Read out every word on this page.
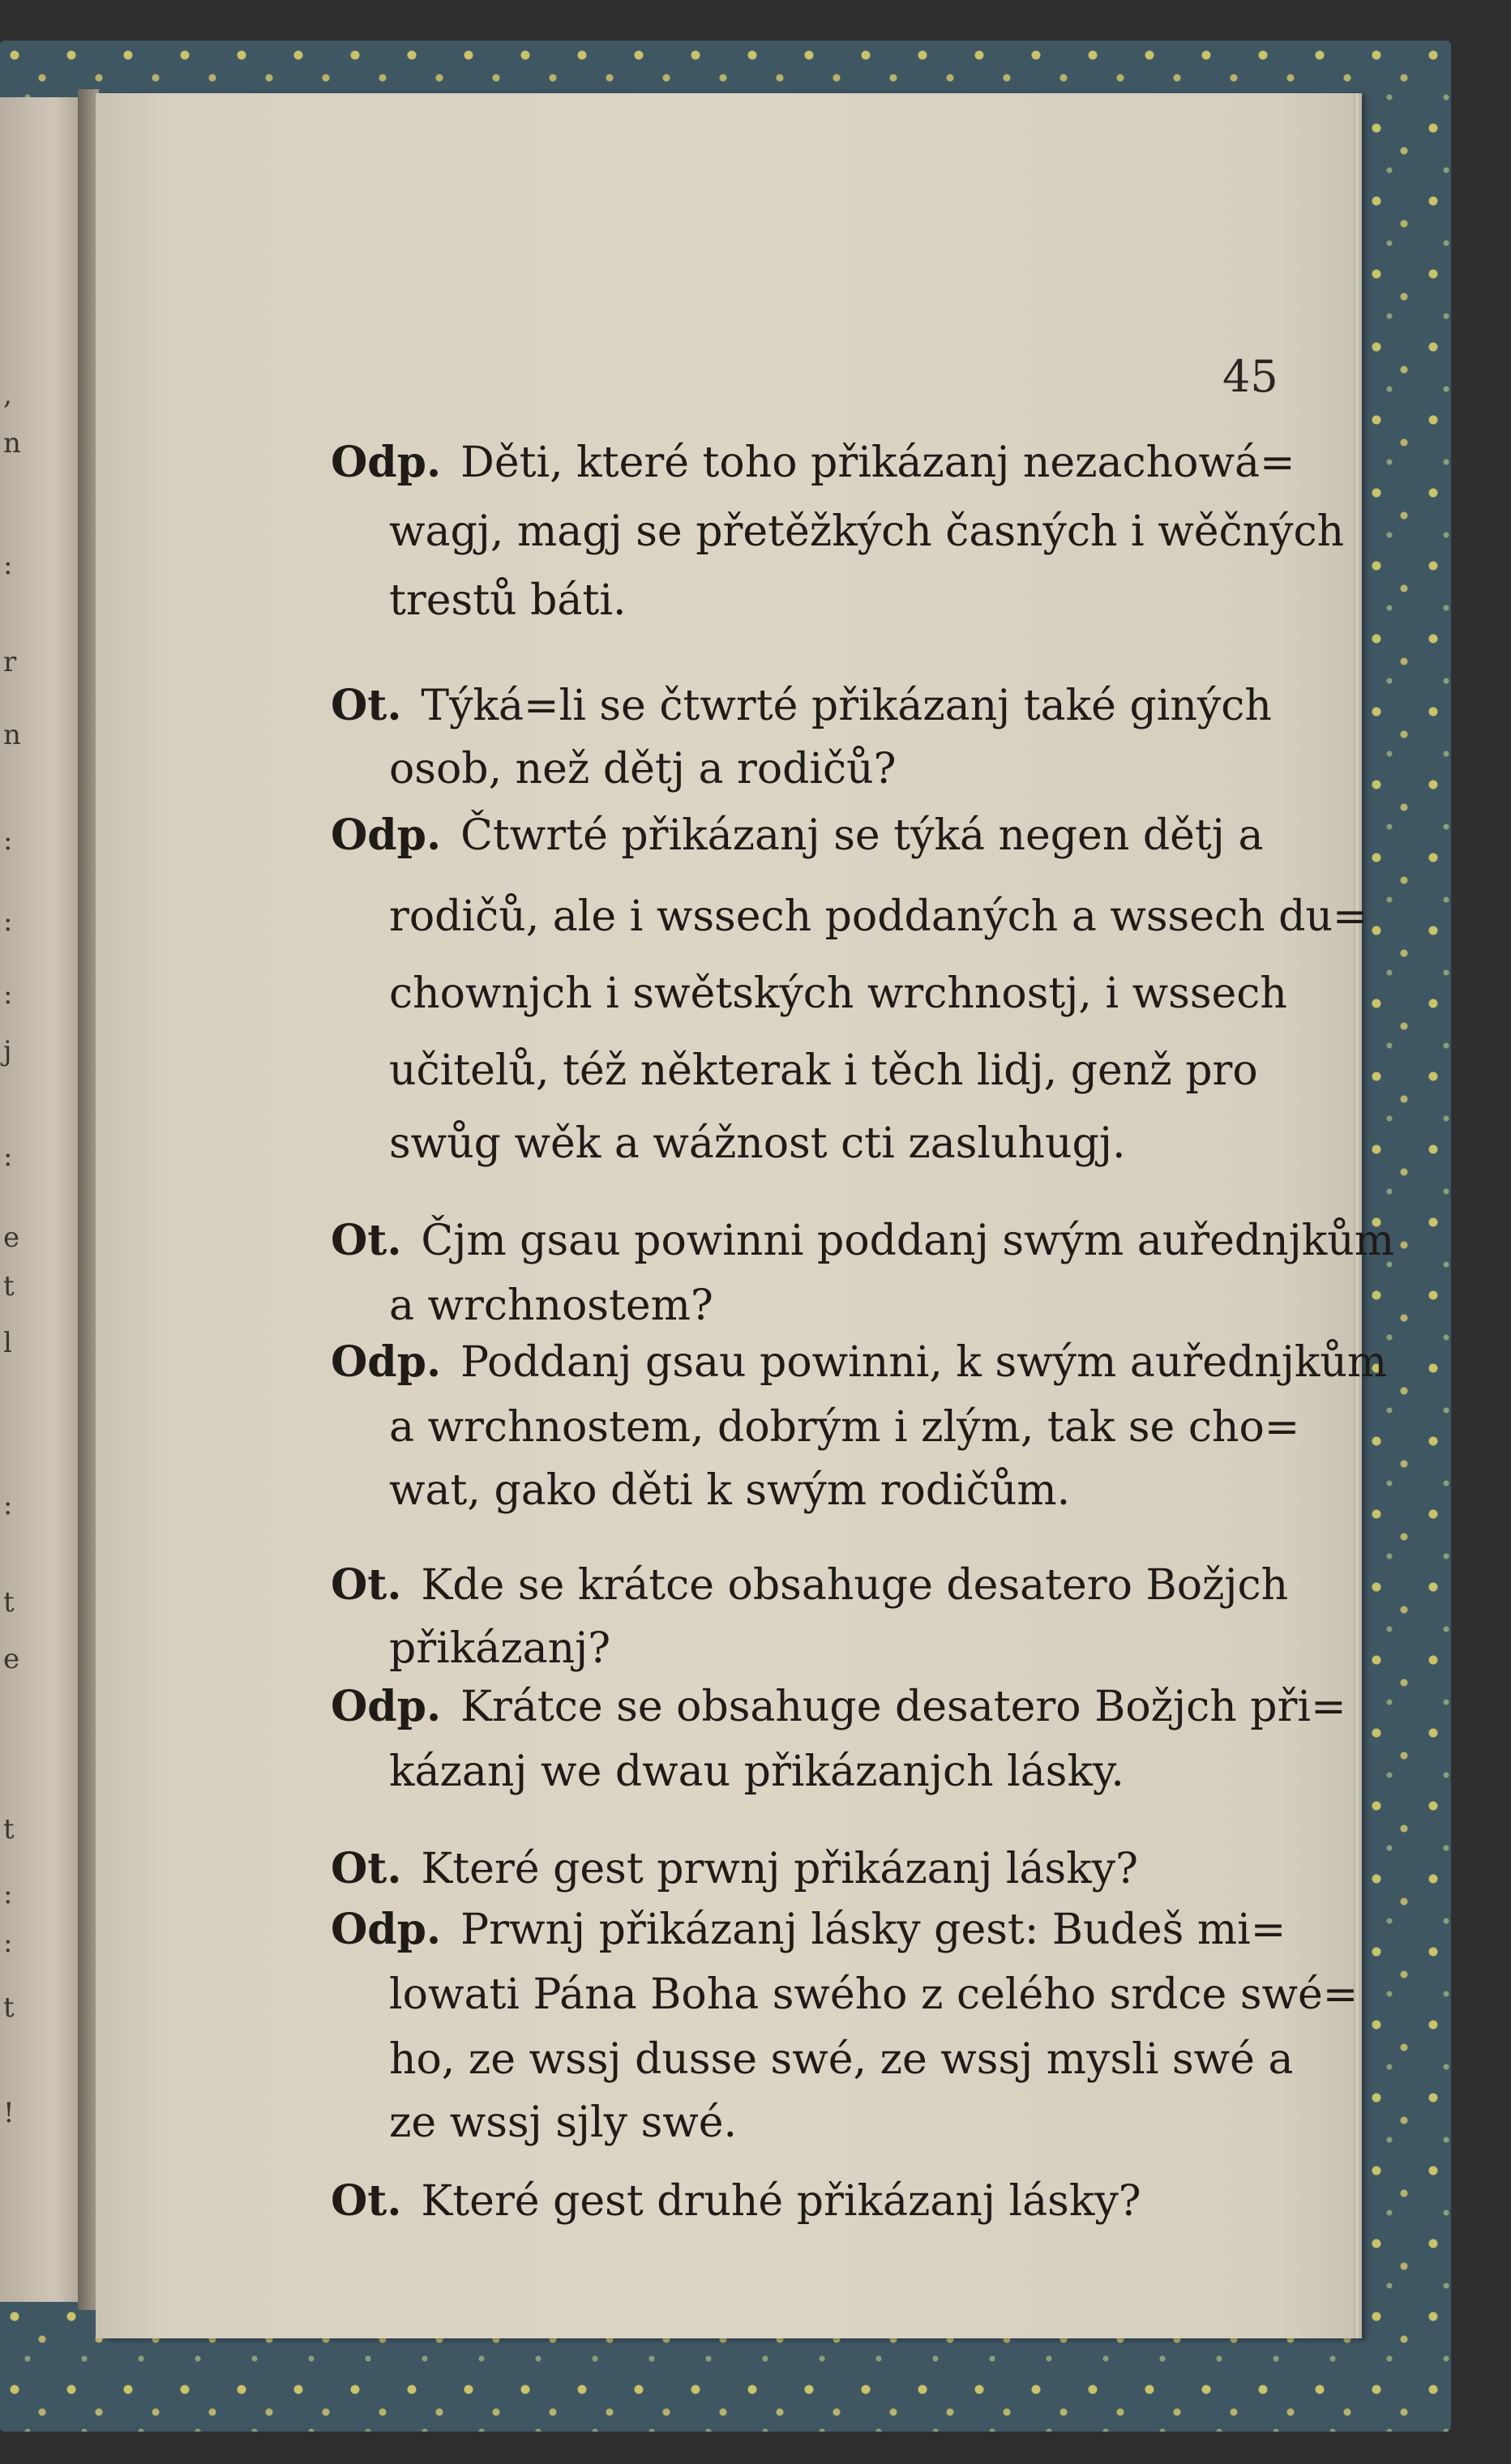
,
n
:
r
n
:
:
:
j
:
e
t
l
:
t
e
t
:
:
t
!
45
Odp. Děti, které toho přikázanj nezachowá=
wagj, magj se přetěžkých časných i wěčných
trestů báti.
Ot. Týká=li se čtwrté přikázanj také giných
osob, než dětj a rodičů?
Odp. Čtwrté přikázanj se týká negen dětj a
rodičů, ale i wssech poddaných a wssech du=
chownjch i swětských wrchnostj, i wssech
učitelů, též některak i těch lidj, genž pro
swůg wěk a wážnost cti zasluhugj.
Ot. Čjm gsau powinni poddanj swým auřednjkům
a wrchnostem?
Odp. Poddanj gsau powinni, k swým auřednjkům
a wrchnostem, dobrým i zlým, tak se cho=
wat, gako děti k swým rodičům.
Ot. Kde se krátce obsahuge desatero Božjch
přikázanj?
Odp. Krátce se obsahuge desatero Božjch při=
kázanj we dwau přikázanjch lásky.
Ot. Které gest prwnj přikázanj lásky?
Odp. Prwnj přikázanj lásky gest: Budeš mi=
lowati Pána Boha swého z celého srdce swé=
ho, ze wssj dusse swé, ze wssj mysli swé a
ze wssj sjly swé.
Ot. Které gest druhé přikázanj lásky?
